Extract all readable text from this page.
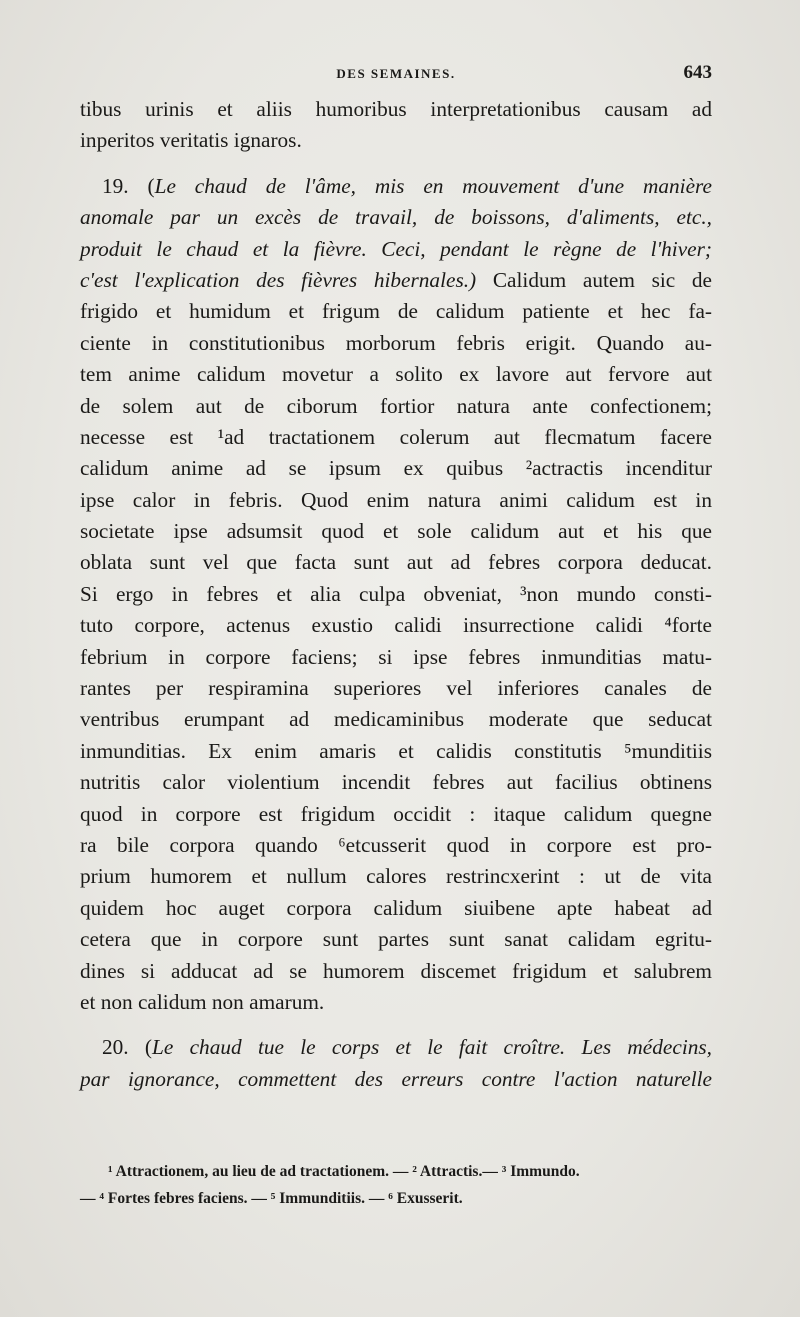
DES SEMAINES.	643
tibus urinis et aliis humoribus interpretationibus causam ad
inperitos veritatis ignaros.
19. (Le chaud de l'âme, mis en mouvement d'une manière
anomale par un excès de travail, de boissons, d'aliments, etc.,
produit le chaud et la fièvre. Ceci, pendant le règne de l'hiver;
c'est l'explication des fièvres hibernales.) Calidum autem sic de
frigido et humidum et frigum de calidum patiente et hec fa-
ciente in constitutionibus morborum febris erigit. Quando au-
tem anime calidum movetur a solito ex lavore aut fervore aut
de solem aut de ciborum fortior natura ante confectionem;
necesse est ¹ad tractationem colerum aut flecmatum facere
calidum anime ad se ipsum ex quibus ²actractis incenditur
ipse calor in febris. Quod enim natura animi calidum est in
societate ipse adsumsit quod et sole calidum aut et his que
oblata sunt vel que facta sunt aut ad febres corpora deducat.
Si ergo in febres et alia culpa obveniat, ³non mundo consti-
tuto corpore, actenus exustio calidi insurrectione calidi ⁴forte
febrium in corpore faciens; si ipse febres inmunditias matu-
rantes per respiramina superiores vel inferiores canales de
ventribus erumpant ad medicaminibus moderate que seducat
inmunditias. Ex enim amaris et calidis constitutis ⁵munditiis
nutritis calor violentium incendit febres aut facilius obtinens
quod in corpore est frigidum occidit : itaque calidum quegne
ra bile corpora quando ⁶etcusserit quod in corpore est pro-
prium humorem et nullum calores restrincxerint : ut de vita
quidem hoc auget corpora calidum siuibene apte habeat ad
cetera que in corpore sunt partes sunt sanat calidam egritu-
dines si adducat ad se humorem discemet frigidum et salubrem
et non calidum non amarum.
20. (Le chaud tue le corps et le fait croître. Les médecins,
par ignorance, commettent des erreurs contre l'action naturelle
¹ Attractionem, au lieu de ad tractationem. — ² Attractis.— ³ Immundo.
— ⁴ Fortes febres faciens. — ⁵ Immunditiis. — ⁶ Exusserit.
